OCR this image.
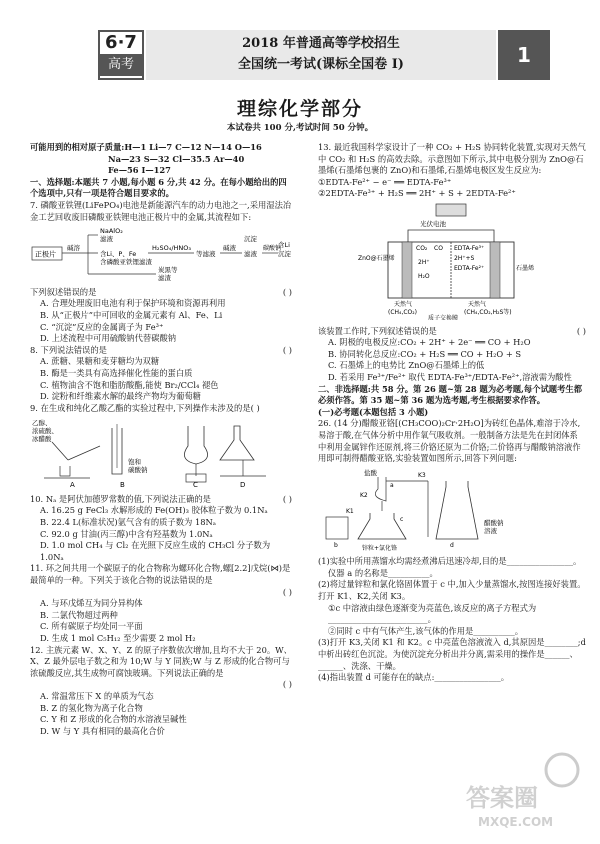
6·7
高考
2018 年普通高等学校招生
全国统一考试(课标全国卷 I)	1
理综化学部分
本试卷共 100 分,考试时间 50 分钟。

可能用到的相对原子质量:H—1 Li—7 C—12 N—14 O—16

Na—23 S—32 Cl—35.5 Ar—40

Fe—56 I—127

一、选择题:本题共 7 小题,每小题 6 分,共 42 分。在每小题给出的四个选项中,只有一项是符合题目要求的。

7. 磷酸亚铁锂(LiFePO₄)电池是新能源汽车的动力电池之一,采用湿法冶金工艺回收废旧磷酸亚铁锂电池正极片中的金属,其流程如下:

正极片
碱溶
NaAlO₂
滤液
含Li、P、Fe
含磷酸亚铁锂滤渣
炭黑等
滤渣
H₂SO₄/HNO₃
等滤液
碱液
沉淀
滤液
碳酸钠
含Li
沉淀

下列叙述错误的是	( )

A. 合理处理废旧电池有利于保护环境和资源再利用

B. 从“正极片”中可回收的金属元素有 Al、Fe、Li

C. “沉淀”反应的金属离子为 Fe³⁺

D. 上述流程中可用硫酸钠代替碳酸钠

8. 下列说法错误的是	( )

A. 蔗糖、果糖和麦芽糖均为双糖

B. 酶是一类具有高选择催化性能的蛋白质

C. 植物油含不饱和脂肪酸酯,能使 Br₂/CCl₄ 褪色

D. 淀粉和纤维素水解的最终产物均为葡萄糖

9. 在生成和纯化乙酸乙酯的实验过程中,下列操作未涉及的是( )

乙醇、
浓硫酸、
冰醋酸
A
饱和
碳酸钠
B	C	D

10. Nₐ 是阿伏加德罗常数的值,下列说法正确的是	( )

A. 16.25 g FeCl₃ 水解形成的 Fe(OH)₃ 胶体粒子数为 0.1Nₐ

B. 22.4 L(标准状况)氩气含有的质子数为 18Nₐ

C. 92.0 g 甘油(丙三醇)中含有羟基数为 1.0Nₐ

D. 1.0 mol CH₄ 与 Cl₂ 在光照下反应生成的 CH₃Cl 分子数为 1.0Nₐ

11. 环之间共用一个碳原子的化合物称为螺环化合物,螺[2.2]戊烷(⋈)是最简单的一种。下列关于该化合物的说法错误的是

( )

A. 与环戊烯互为同分异构体

B. 二氯代物超过两种

C. 所有碳原子均处同一平面

D. 生成 1 mol C₅H₁₂ 至少需要 2 mol H₂

12. 主族元素 W、X、Y、Z 的原子序数依次增加,且均不大于 20。W、X、Z 最外层电子数之和为 10;W 与 Y 同族;W 与 Z 形成的化合物可与浓硫酸反应,其生成物可腐蚀玻璃。下列说法正确的是

( )

A. 常温常压下 X 的单质为气态

B. Z 的氢化物为离子化合物

C. Y 和 Z 形成的化合物的水溶液呈碱性

D. W 与 Y 具有相同的最高化合价

13. 最近我国科学家设计了一种 CO₂ + H₂S 协同转化装置,实现对天然气中 CO₂ 和 H₂S 的高效去除。示意图如下所示,其中电极分别为 ZnO@石墨烯(石墨烯包裹的 ZnO)和石墨烯,石墨烯电极区发生反应为:

①EDTA-Fe²⁺ − e⁻ ══ EDTA-Fe³⁺

②2EDTA-Fe³⁺ + H₂S ══ 2H⁺ + S + 2EDTA-Fe²⁺

光伏电池
ZnO@石墨烯
石墨烯
CO₂ CO
2H⁺
H₂O
EDTA-Fe³⁺
2H⁺+S
EDTA-Fe²⁺
天然气
(CH₄,CO₂)
天然气
(CH₄,CO₂,H₂S等)
质子交换膜

该装置工作时,下列叙述错误的是	( )

A. 阴极的电极反应:CO₂ + 2H⁺ + 2e⁻ ══ CO + H₂O

B. 协同转化总反应:CO₂ + H₂S ══ CO + H₂O + S

C. 石墨烯上的电势比 ZnO@石墨烯上的低

D. 若采用 Fe³⁺/Fe²⁺ 取代 EDTA-Fe³⁺/EDTA-Fe²⁺,溶液需为酸性

二、非选择题:共 58 分。第 26 题~第 28 题为必考题,每个试题考生都必须作答。第 35 题~第 36 题为选考题,考生根据要求作答。

(一)必考题(本题包括 3 小题)

26. (14 分)醋酸亚铬[(CH₃COO)₂Cr·2H₂O]为砖红色晶体,难溶于冷水,易溶于酸,在气体分析中用作氧气吸收剂。一般制备方法是先在封闭体系中利用金属锌作还原剂,将三价铬还原为二价铬;二价铬再与醋酸钠溶液作用即可制得醋酸亚铬,实验装置如图所示,回答下列问题:

盐酸
a
K2
K3
K1
c
b	锌粒+氯化铬	d
醋酸钠
溶液

(1)实验中所用蒸馏水均需经煮沸后迅速冷却,目的是________________。

仪器 a 的名称是__________。

(2)将过量锌粒和氯化铬固体置于 c 中,加入少量蒸馏水,按图连接好装置。打开 K1、K2,关闭 K3。

①c 中溶液由绿色逐渐变为亮蓝色,该反应的离子方程式为________________________。

②同时 c 中有气体产生,该气体的作用是__________。

(3)打开 K3,关闭 K1 和 K2。c 中亮蓝色溶液流入 d,其原因是________;d 中析出砖红色沉淀。为使沉淀充分析出并分离,需采用的操作是______、______、洗涤、干燥。

(4)指出装置 d 可能存在的缺点:________________。

答案圈
MXQE.COM
